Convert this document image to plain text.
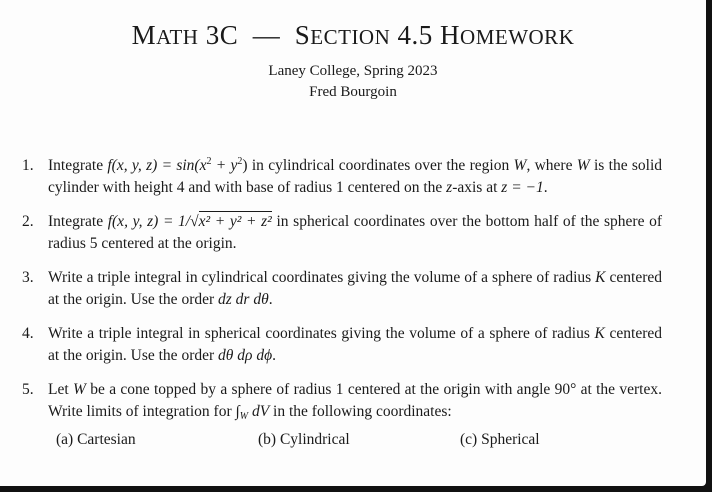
MATH 3C — SECTION 4.5 HOMEWORK
Laney College, Spring 2023
Fred Bourgoin
1. Integrate f(x, y, $z) = \sin(x^2 + y^2)$ in cylindrical coordinates over the region W, where W is the solid cylinder with height 4 and with base of radius 1 centered on the z-axis at z = −1.
2. Integrate f(x, y, z) = 1/√x² + y² + z² in spherical coordinates over the bottom half of the sphere of radius 5 centered at the origin.
3. Write a triple integral in cylindrical coordinates giving the volume of a sphere of radius K centered at the origin. Use the order dz dr dθ.
4. Write a triple integral in spherical coordinates giving the volume of a sphere of radius K centered at the origin. Use the order dθ dρ dϕ.
5. Let W be a cone topped by a sphere of radius 1 centered at the origin with angle 90° at the vertex. Write limits of integration for $\int_W$ dV in the following coordinates:
(a) Cartesian	(b) Cylindrical	(c) Spherical
